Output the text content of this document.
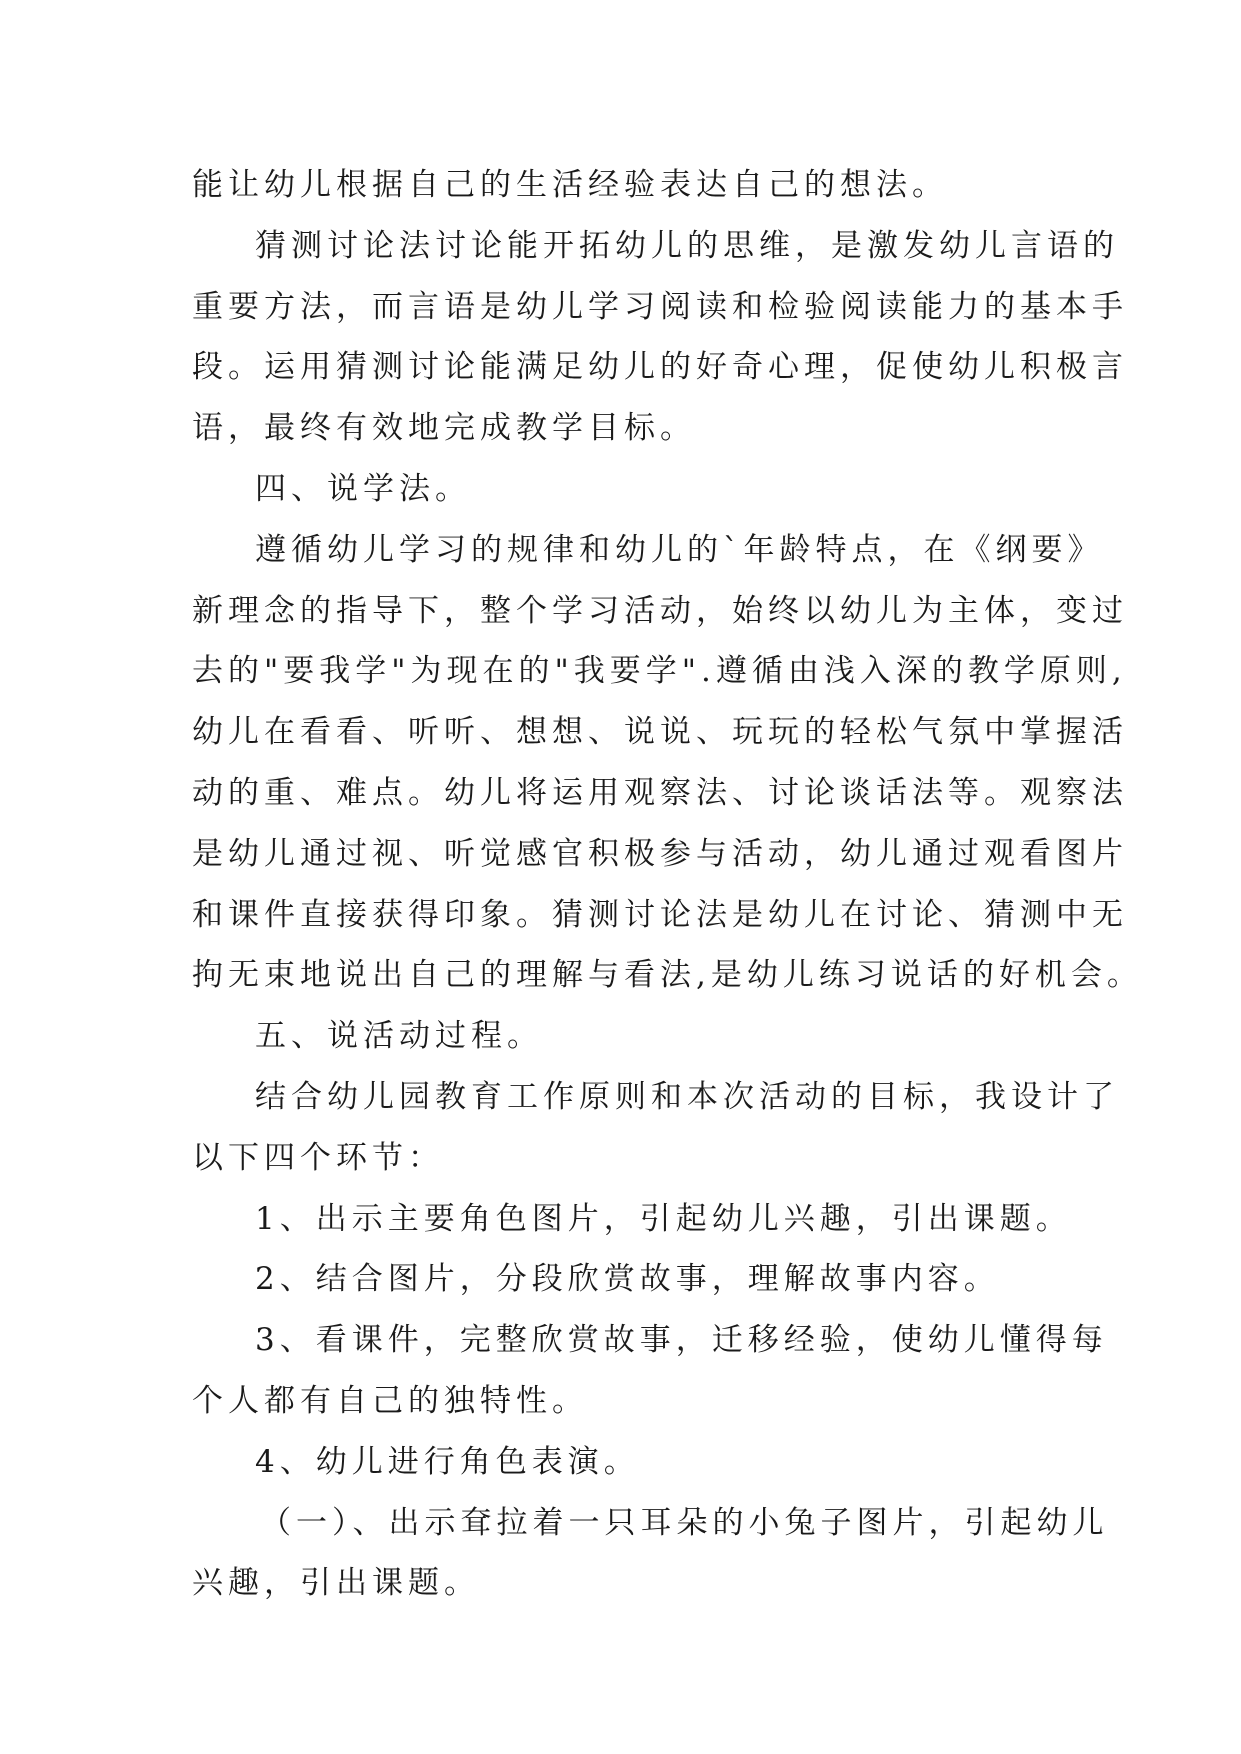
能让幼儿根据自己的生活经验表达自己的想法。
猜测讨论法讨论能开拓幼儿的思维，是激发幼儿言语的
重要方法，而言语是幼儿学习阅读和检验阅读能力的基本手
段。运用猜测讨论能满足幼儿的好奇心理，促使幼儿积极言
语，最终有效地完成教学目标。
四、说学法。
遵循幼儿学习的规律和幼儿的`年龄特点，在《纲要》
新理念的指导下，整个学习活动，始终以幼儿为主体，变过
去的"要我学"为现在的"我要学".遵循由浅入深的教学原则,
幼儿在看看、听听、想想、说说、玩玩的轻松气氛中掌握活
动的重、难点。幼儿将运用观察法、讨论谈话法等。观察法
是幼儿通过视、听觉感官积极参与活动，幼儿通过观看图片
和课件直接获得印象。猜测讨论法是幼儿在讨论、猜测中无
拘无束地说出自己的理解与看法,是幼儿练习说话的好机会。
五、说活动过程。
结合幼儿园教育工作原则和本次活动的目标，我设计了
以下四个环节：
1、出示主要角色图片，引起幼儿兴趣，引出课题。
2、结合图片，分段欣赏故事，理解故事内容。
3、看课件，完整欣赏故事，迁移经验，使幼儿懂得每
个人都有自己的独特性。
4、幼儿进行角色表演。
（一）、出示耷拉着一只耳朵的小兔子图片，引起幼儿
兴趣，引出课题。
